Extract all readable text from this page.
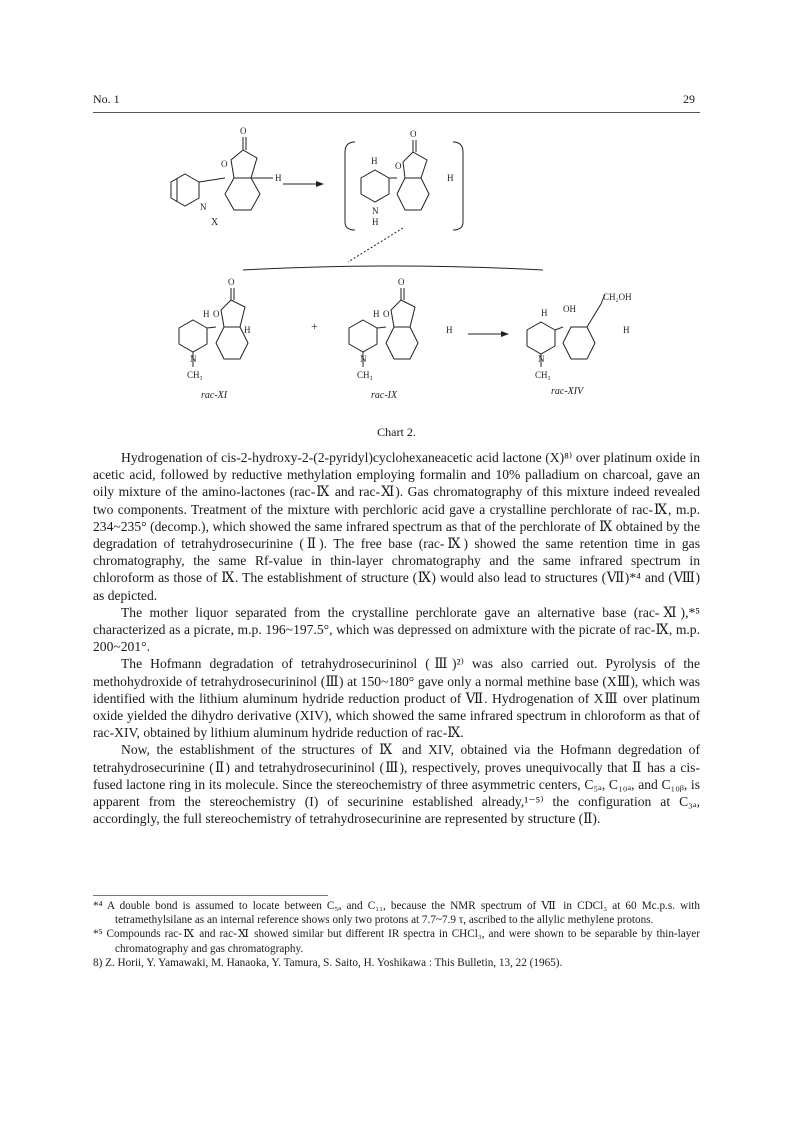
No. 1	29
O
O
H
N
X
O
H O
H
N
H
O
H O
H
N
CH₃
rac-XI
+
O
H O
H
N
CH₃
rac-IX
CH₂OH
H OH
H
N
CH₃
rac-XIV
Chart 2.

Hydrogenation of cis-2-hydroxy-2-(2-pyridyl)cyclohexaneacetic acid lactone (X)⁸⁾ over platinum oxide in acetic acid, followed by reductive methylation employing formalin and 10% palladium on charcoal, gave an oily mixture of the amino-lactones (rac-Ⅸ and rac-Ⅺ). Gas chromatography of this mixture indeed revealed two components. Treatment of the mixture with perchloric acid gave a crystalline perchlorate of rac-Ⅸ, m.p. 234~235° (decomp.), which showed the same infrared spectrum as that of the perchlorate of Ⅸ obtained by the degradation of tetrahydrosecurinine (Ⅱ). The free base (rac-Ⅸ) showed the same retention time in gas chromatography, the same Rf-value in thin-layer chromatography and the same infrared spectrum in chloroform as those of Ⅸ. The establishment of structure (Ⅸ) would also lead to structures (Ⅶ)*⁴ and (Ⅷ) as depicted.

The mother liquor separated from the crystalline perchlorate gave an alternative base (rac-Ⅺ),*⁵ characterized as a picrate, m.p. 196~197.5°, which was depressed on admixture with the picrate of rac-Ⅸ, m.p. 200~201°.

The Hofmann degradation of tetrahydrosecurininol (Ⅲ)²⁾ was also carried out. Pyrolysis of the methohydroxide of tetrahydrosecurininol (Ⅲ) at 150~180° gave only a normal methine base (XⅢ), which was identified with the lithium aluminum hydride reduction product of Ⅶ. Hydrogenation of XⅢ over platinum oxide yielded the dihydro derivative (XIV), which showed the same infrared spectrum in chloroform as that of rac-XIV, obtained by lithium aluminum hydride reduction of rac-Ⅸ.

Now, the establishment of the structures of Ⅸ and XIV, obtained via the Hofmann degredation of tetrahydrosecurinine (Ⅱ) and tetrahydrosecurininol (Ⅲ), respectively, proves unequivocally that Ⅱ has a cis-fused lactone ring in its molecule. Since the stereochemistry of three asymmetric centers, C₅ₐ, C₁₀ₐ, and C₁₀ᵦ, is apparent from the stereochemistry (I) of securinine established already,¹⁻⁵⁾ the configuration at C₃ₐ, accordingly, the full stereochemistry of tetrahydrosecurinine are represented by structure (Ⅱ).

*⁴ A double bond is assumed to locate between C₅ₐ and C₁₁, because the NMR spectrum of Ⅶ in CDCl₃ at 60 Mc.p.s. with tetramethylsilane as an internal reference shows only two protons at 7.7~7.9 τ, ascribed to the allylic methylene protons.

*⁵ Compounds rac-Ⅸ and rac-Ⅺ showed similar but different IR spectra in CHCl₃, and were shown to be separable by thin-layer chromatography and gas chromatography.

8) Z. Horii, Y. Yamawaki, M. Hanaoka, Y. Tamura, S. Saito, H. Yoshikawa : This Bulletin, 13, 22 (1965).
